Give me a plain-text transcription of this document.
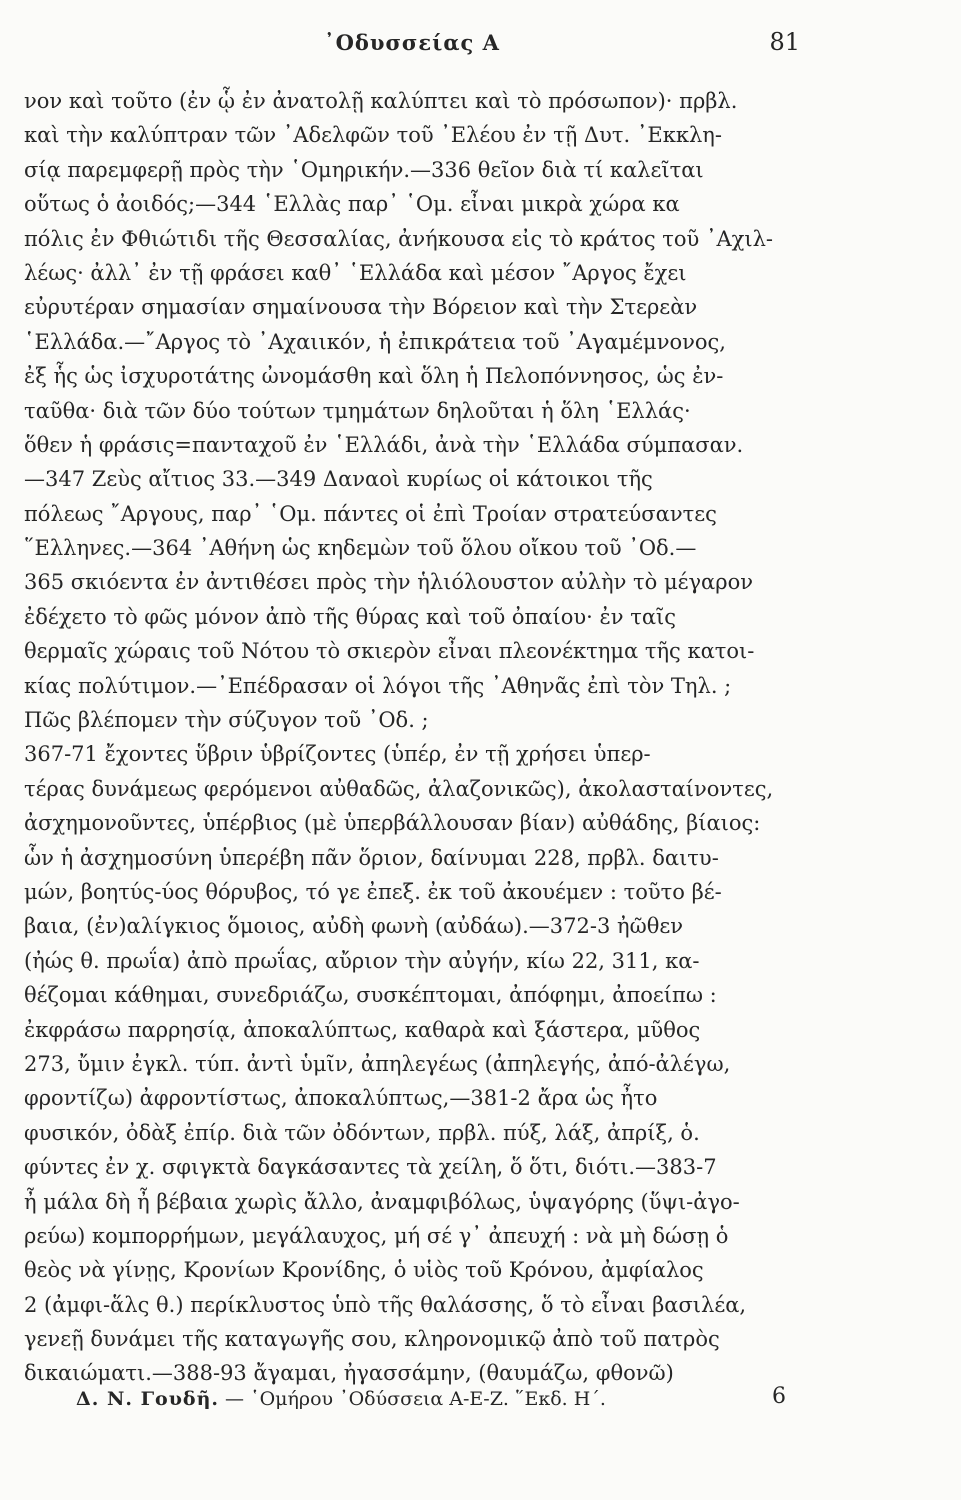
᾿Οδυσσείας Α	81
νον καὶ τοῦτο (ἐν ᾧ ἐν ἀνατολῇ καλύπτει καὶ τὸ πρόσωπον)· πρβλ.
καὶ τὴν καλύπτραν τῶν ᾿Αδελφῶν τοῦ ᾿Ελέου ἐν τῇ Δυτ. ᾿Εκκλη-
σίᾳ παρεμφερῇ πρὸς τὴν ῾Ομηρικήν.—336 θεῖον διὰ τί καλεῖται
οὕτως ὁ ἀοιδός;—344 ῾Ελλὰς παρ᾿ ῾Ομ. εἶναι μικρὰ χώρα κα
πόλις ἐν Φθιώτιδι τῆς Θεσσαλίας, ἀνήκουσα εἰς τὸ κράτος τοῦ ᾿Αχιλ-
λέως· ἀλλ᾿ ἐν τῇ φράσει καθ᾿ ῾Ελλάδα καὶ μέσον ῎Αργος ἔχει
εὐρυτέραν σημασίαν σημαίνουσα τὴν Βόρειον καὶ τὴν Στερεὰν
῾Ελλάδα.—῎Αργος τὸ ᾿Αχαιικόν, ἡ ἐπικράτεια τοῦ ᾿Αγαμέμνονος,
ἐξ ἧς ὡς ἰσχυροτάτης ὠνομάσθη καὶ ὅλη ἡ Πελοπόννησος, ὡς ἐν-
ταῦθα· διὰ τῶν δύο τούτων τμημάτων δηλοῦται ἡ ὅλη ῾Ελλάς·
ὅθεν ἡ φράσις=πανταχοῦ ἐν ῾Ελλάδι, ἀνὰ τὴν ῾Ελλάδα σύμπασαν.
—347 Ζεὺς αἴτιος 33.—349 Δαναοὶ κυρίως οἱ κάτοικοι τῆς
πόλεως ῎Αργους, παρ᾿ ῾Ομ. πάντες οἱ ἐπὶ Τροίαν στρατεύσαντες
῞Ελληνες.—364 ᾿Αθήνη ὡς κηδεμὼν τοῦ ὅλου οἴκου τοῦ ᾿Οδ.—
365 σκιόεντα ἐν ἀντιθέσει πρὸς τὴν ἡλιόλουστον αὐλὴν τὸ μέγαρον
ἐδέχετο τὸ φῶς μόνον ἀπὸ τῆς θύρας καὶ τοῦ ὀπαίου· ἐν ταῖς
θερμαῖς χώραις τοῦ Νότου τὸ σκιερὸν εἶναι πλεονέκτημα τῆς κατοι-
κίας πολύτιμον.—᾿Επέδρασαν οἱ λόγοι τῆς ᾿Αθηνᾶς ἐπὶ τὸν Τηλ. ;
Πῶς βλέπομεν τὴν σύζυγον τοῦ ᾿Οδ. ;
367-71 ἔχοντες ὕβριν ὑβρίζοντες (ὑπέρ, ἐν τῇ χρήσει ὑπερ-
τέρας δυνάμεως φερόμενοι αὐθαδῶς, ἀλαζονικῶς), ἀκολασταίνοντες,
ἀσχημονοῦντες, ὑπέρβιος (μὲ ὑπερβάλλουσαν βίαν) αὐθάδης, βίαιος:
ὧν ἡ ἀσχημοσύνη ὑπερέβη πᾶν ὅριον, δαίνυμαι 228, πρβλ. δαιτυ-
μών, βοητύς-ύος θόρυβος, τό γε ἐπεξ. ἐκ τοῦ ἀκουέμεν : τοῦτο βέ-
βαια, (ἐν)αλίγκιος ὅμοιος, αὐδὴ φωνὴ (αὐδάω).—372-3 ἠῶθεν
(ἠώς θ. πρωΐα) ἀπὸ πρωΐας, αὔριον τὴν αὐγήν, κίω 22, 311, κα-
θέζομαι κάθημαι, συνεδριάζω, συσκέπτομαι, ἀπόφημι, ἀποείπω :
ἐκφράσω παρρησίᾳ, ἀποκαλύπτως, καθαρὰ καὶ ξάστερα, μῦθος
273, ὔμιν ἐγκλ. τύπ. ἀντὶ ὑμῖν, ἀπηλεγέως (ἀπηλεγής, ἀπό-ἀλέγω,
φροντίζω) ἀφροντίστως, ἀποκαλύπτως,—381-2 ἄρα ὡς ἦτο
φυσικόν, ὀδὰξ ἐπίρ. διὰ τῶν ὀδόντων, πρβλ. πύξ, λάξ, ἀπρίξ, ὁ.
φύντες ἐν χ. σφιγκτὰ δαγκάσαντες τὰ χείλη, ὅ ὅτι, διότι.—383-7
ἦ μάλα δὴ ἦ βέβαια χωρὶς ἄλλο, ἀναμφιβόλως, ὑψαγόρης (ὕψι-ἀγο-
ρεύω) κομπορρήμων, μεγάλαυχος, μή σέ γ᾿ ἀπευχή : νὰ μὴ δώσῃ ὁ
θεὸς νὰ γίνῃς, Κρονίων Κρονίδης, ὁ υἱὸς τοῦ Κρόνου, ἀμφίαλος
2 (ἀμφι-ἅλς θ.) περίκλυστος ὑπὸ τῆς θαλάσσης, ὅ τὸ εἶναι βασιλέα,
γενεῇ δυνάμει τῆς καταγωγῆς σου, κληρονομικῷ ἀπὸ τοῦ πατρὸς
δικαιώματι.—388-93 ἄγαμαι, ἠγασσάμην, (θαυμάζω, φθονῶ)
Δ. Ν. Γουδῆ. — ῾Ομήρου ᾿Οδύσσεια Α-Ε-Ζ. ῞Εκδ. Η΄.	6
